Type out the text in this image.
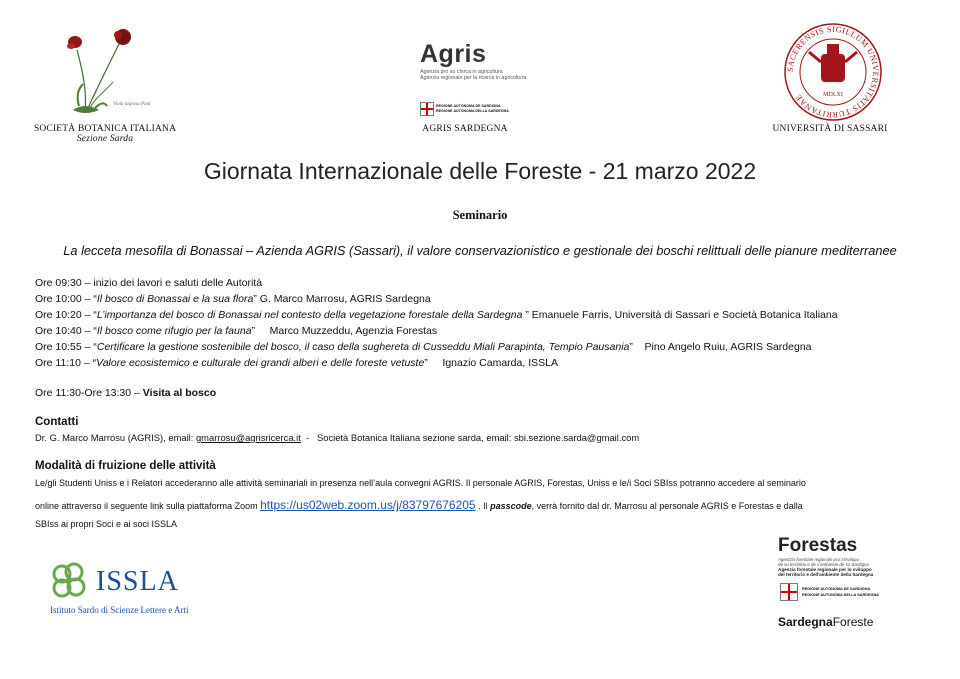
Viola nigrosa Pani
SOCIETÀ BOTANICA ITALIANA
Sezione Sarda
Agris
Agenzia pro su chirca in agricultura
Agenzia regionale per la ricerca in agricoltura
REGIONE AUTÒNOMA DE SARDIGNA
REGIONE AUTONOMA DELLA SARDEGNA
AGRIS SARDEGNA
SACERENSIS SIGILLUM UNIVERSITATIS TURRITANAE	MDLXI
UNIVERSITÀ DI SASSARI
Giornata Internazionale delle Foreste - 21 marzo 2022
Seminario
La lecceta mesofila di Bonassai – Azienda AGRIS (Sassari), il valore conservazionistico e gestionale dei boschi relittuali delle pianure mediterranee
Ore 09:30 – inizio dei lavori e saluti delle Autorità
Ore 10:00 – “Il bosco di Bonassai e la sua flora” G. Marco Marrosu, AGRIS Sardegna
Ore 10:20 – “L’importanza del bosco di Bonassai nel contesto della vegetazione forestale della Sardegna ” Emanuele Farris, Università di Sassari e Società Botanica Italiana
Ore 10:40 – “Il bosco come rifugio per la fauna”     Marco Muzzeddu, Agenzia Forestas
Ore 10:55 – “Certificare la gestione sostenibile del bosco, il caso della sughereta di Cusseddu Miali Parapinta, Tempio Pausania”    Pino Angelo Ruiu, AGRIS Sardegna
Ore 11:10 – “Valore ecosistemico e culturale dei grandi alberi e delle foreste vetuste”     Ignazio Camarda, ISSLA
Ore 11:30-Ore 13:30 – Visita al bosco
Contatti
Dr. G. Marco Marrosu (AGRIS), email: gmarrosu@agrisricerca.it  -   Società Botanica Italiana sezione sarda, email: sbi.sezione.sarda@gmail.com
Modalità di fruizione delle attività
Le/gli Studenti Uniss e i Relatori accederanno alle attività seminariali in presenza nell’aula convegni AGRIS. Il personale AGRIS, Forestas, Uniss e le/i Soci SBIss potranno accedere al seminario
online attraverso il seguente link sulla piattaforma Zoom https://us02web.zoom.us/j/83797676205 . Il passcode, verrà fornito dal dr. Marrosu al personale AGRIS e Forestas e dalla
SBIss ai propri Soci e ai soci ISSLA
ISSLA
Istituto Sardo di Scienze Lettere e Arti
Forestas
Agentzia forestale regionale pro s'isvilupu
de su territòriu e de s'ambiente de sa Sardigna
Agenzia forestale regionale per lo sviluppo
del territorio e dell'ambiente della Sardegna
REGIONE AUTÒNOMA DE SARDIGNA
REGIONE AUTONOMA DELLA SARDEGNA
SardegnaForeste
